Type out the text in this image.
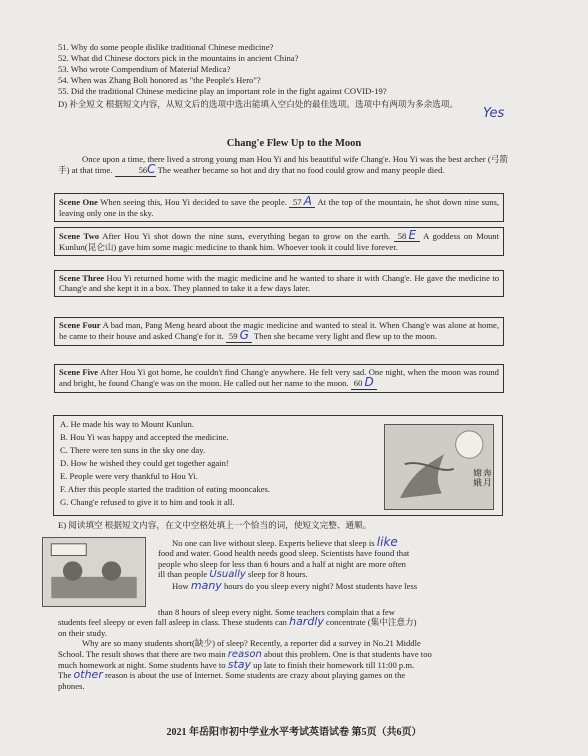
51. Why do some people dislike traditional Chinese medicine?
52. What did Chinese doctors pick in the mountains in ancient China?
53. Who wrote Compendium of Material Medica?
54. When was Zhang Boli honored as "the People's Hero"?
55. Did the traditional Chinese medicine play an important role in the fight against COVID-19?
Yes
D) 补全短文 根据短文内容，从短文后的选项中选出能填入空白处的最佳选项。选项中有两项为多余选项。
Chang'e Flew Up to the Moon
Once upon a time, there lived a strong young man Hou Yi and his beautiful wife Chang'e. Hou Yi was the best archer (弓箭手) at that time.	56C The weather became so hot and dry that no food could grow and many people died.
Scene One When seeing this, Hou Yi decided to save the people. 57 A At the top of the mountain, he shot down nine suns, leaving only one in the sky.
Scene Two After Hou Yi shot down the nine suns, everything began to grow on the earth. 58 E A goddess on Mount Kunlun(昆仑山) gave him some magic medicine to thank him. Whoever took it could live forever.
Scene Three Hou Yi returned home with the magic medicine and he wanted to share it with Chang'e. He gave the medicine to Chang'e and she kept it in a box. They planned to take it a few days later.
Scene Four A bad man, Pang Meng heard about the magic medicine and wanted to steal it. When Chang'e was alone at home, he came to their house and asked Chang'e for it. 59 G Then she became very light and flew up to the moon.
Scene Five After Hou Yi got home, he couldn't find Chang'e anywhere. He felt very sad. One night, when the moon was round and bright, he found Chang'e was on the moon. He called out her name to the moon. 60 D
A. He made his way to Mount Kunlun.
B. Hou Yi was happy and accepted the medicine.
C. There were ten suns in the sky one day.
D. How he wished they could get together again!
E. People were very thankful to Hou Yi.
F. After this people started the tradition of eating mooncakes.
G. Chang'e refused to give it to him and took it all.
嫦 娥 奔 月
E) 阅读填空 根据短文内容，在文中空格处填上一个恰当的词，使短文完整、通顺。
No one can live without sleep. Experts believe that sleep is like
food and water. Good health needs good sleep. Scientists have found that
people who sleep for less than 6 hours and a half at night are more often
ill than people Usually sleep for 8 hours.
How many hours do you sleep every night? Most students have less
than 8 hours of sleep every night. Some teachers complain that a few
students feel sleepy or even fall asleep in class. These students can hardly concentrate (集中注意力)
on their study.
Why are so many students short(缺少) of sleep? Recently, a reporter did a survey in No.21 Middle
School. The result shows that there are two main reason about this problem. One is that students have too
much homework at night. Some students have to stay up late to finish their homework till 11:00 p.m.
The other reason is about the use of Internet. Some students are crazy about playing games on the
phones.
2021 年岳阳市初中学业水平考试英语试卷 第5页（共6页）
